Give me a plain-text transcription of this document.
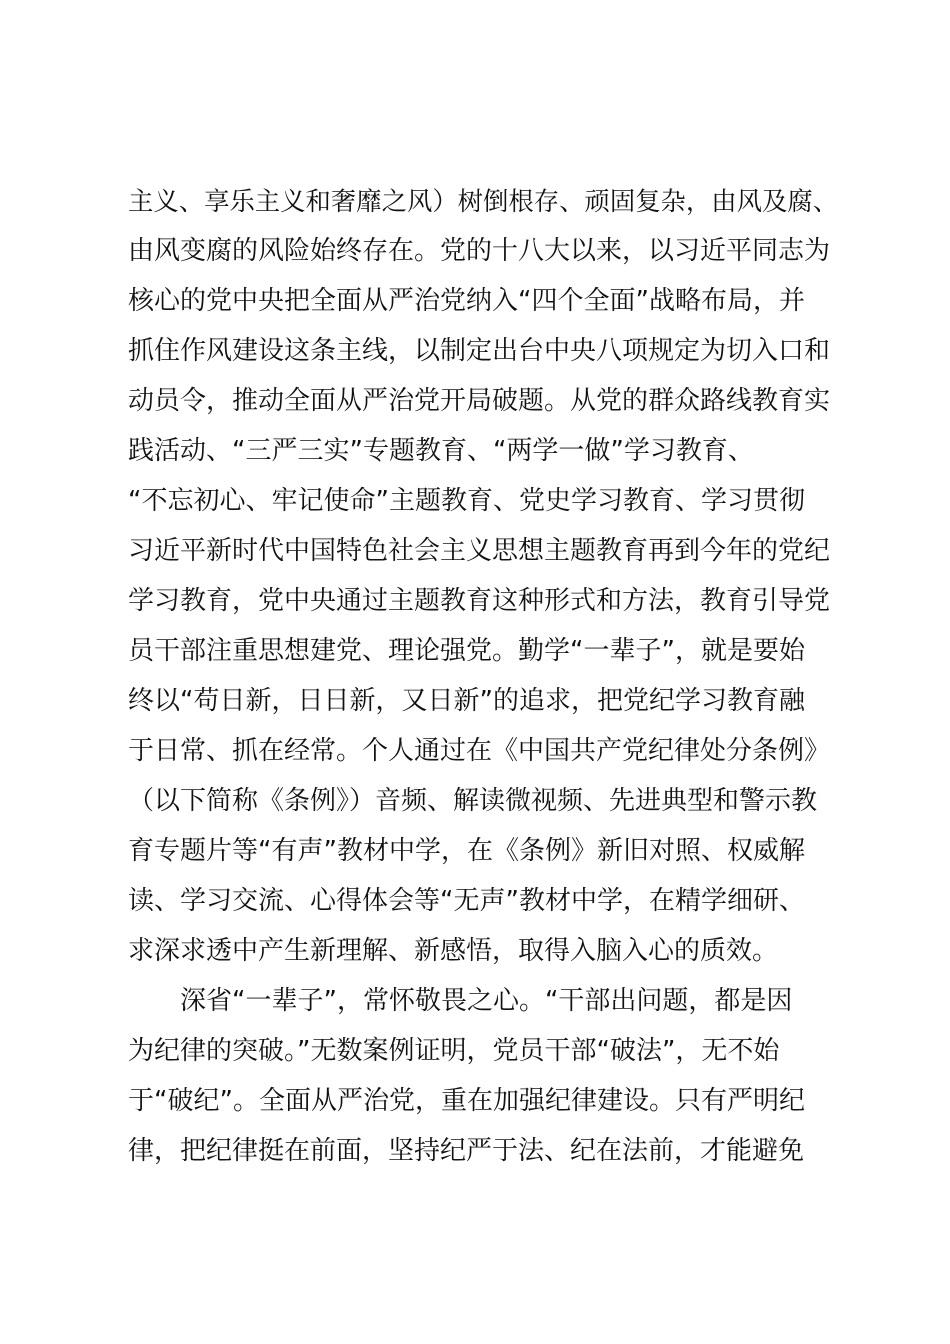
主义、享乐主义和奢靡之风）树倒根存、顽固复杂，由风及腐、
由风变腐的风险始终存在。党的十八大以来，以习近平同志为
核心的党中央把全面从严治党纳入“四个全面”战略布局，并
抓住作风建设这条主线，以制定出台中央八项规定为切入口和
动员令，推动全面从严治党开局破题。从党的群众路线教育实
践活动、“三严三实”专题教育、“两学一做”学习教育、
“不忘初心、牢记使命”主题教育、党史学习教育、学习贯彻
习近平新时代中国特色社会主义思想主题教育再到今年的党纪
学习教育，党中央通过主题教育这种形式和方法，教育引导党
员干部注重思想建党、理论强党。勤学“一辈子”，就是要始
终以“苟日新，日日新，又日新”的追求，把党纪学习教育融
于日常、抓在经常。个人通过在《中国共产党纪律处分条例》
（以下简称《条例》）音频、解读微视频、先进典型和警示教
育专题片等“有声”教材中学，在《条例》新旧对照、权威解
读、学习交流、心得体会等“无声”教材中学，在精学细研、
求深求透中产生新理解、新感悟，取得入脑入心的质效。
深省“一辈子”，常怀敬畏之心。“干部出问题，都是因
为纪律的突破。”无数案例证明，党员干部“破法”，无不始
于“破纪”。全面从严治党，重在加强纪律建设。只有严明纪
律，把纪律挺在前面，坚持纪严于法、纪在法前，才能避免
